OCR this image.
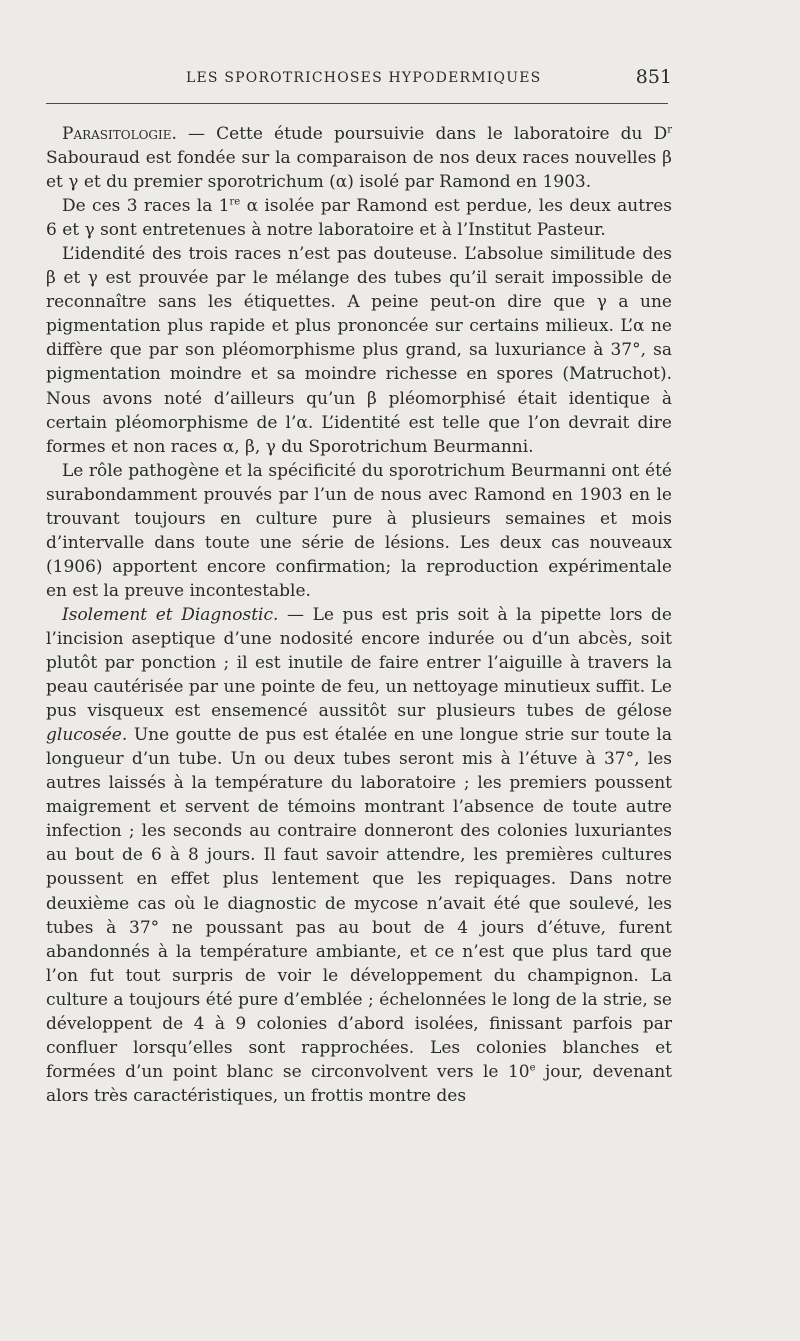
LES SPOROTRICHOSES HYPODERMIQUES	851

Parasitologie. — Cette étude poursuivie dans le laboratoire du $D^r$ Sabouraud est fondée sur la comparaison de nos deux races nouvelles β et γ et du premier sporotrichum (α) isolé par Ramond en 1903.

De ces 3 races la 1re α isolée par Ramond est perdue, les deux autres 6 et γ sont entretenues à notre laboratoire et à l’Institut Pasteur.

L’idendité des trois races n’est pas douteuse. L’absolue similitude des β et γ est prouvée par le mélange des tubes qu’il serait impossible de reconnaître sans les étiquettes. A peine peut-on dire que γ a une pigmentation plus rapide et plus prononcée sur certains milieux. L’α ne diffère que par son pléomorphisme plus grand, sa luxuriance à 37°, sa pigmentation moindre et sa moindre richesse en spores (Matruchot). Nous avons noté d’ailleurs qu’un β pléomorphisé était identique à certain pléomorphisme de l’α. L’identité est telle que l’on devrait dire formes et non races α, β, γ du Sporotrichum Beurmanni.

Le rôle pathogène et la spécificité du sporotrichum Beurmanni ont été surabondamment prouvés par l’un de nous avec Ramond en 1903 en le trouvant toujours en culture pure à plusieurs semaines et mois d’intervalle dans toute une série de lésions. Les deux cas nouveaux (1906) apportent encore confirmation; la reproduction expérimentale en est la preuve incontestable.

Isolement et Diagnostic. — Le pus est pris soit à la pipette lors de l’incision aseptique d’une nodosité encore indurée ou d’un abcès, soit plutôt par ponction ; il est inutile de faire entrer l’aiguille à travers la peau cautérisée par une pointe de feu, un nettoyage minutieux suffit. Le pus visqueux est ensemencé aussitôt sur plusieurs tubes de gélose glucosée. Une goutte de pus est étalée en une longue strie sur toute la longueur d’un tube. Un ou deux tubes seront mis à l’étuve à 37°, les autres laissés à la température du laboratoire ; les premiers poussent maigrement et servent de témoins montrant l’absence de toute autre infection ; les seconds au contraire donneront des colonies luxuriantes au bout de 6 à 8 jours. Il faut savoir attendre, les premières cultures poussent en effet plus lentement que les repiquages. Dans notre deuxième cas où le diagnostic de mycose n’avait été que soulevé, les tubes à 37° ne poussant pas au bout de 4 jours d’étuve, furent abandonnés à la température ambiante, et ce n’est que plus tard que l’on fut tout surpris de voir le développement du champignon. La culture a toujours été pure d’emblée ; échelonnées le long de la strie, se développent de 4 à 9 colonies d’abord isolées, finissant parfois par confluer lorsqu’elles sont rapprochées. Les colonies blanches et formées d’un point blanc se circonvolvent vers le 10e jour, devenant alors très caractéristiques, un frottis montre des
